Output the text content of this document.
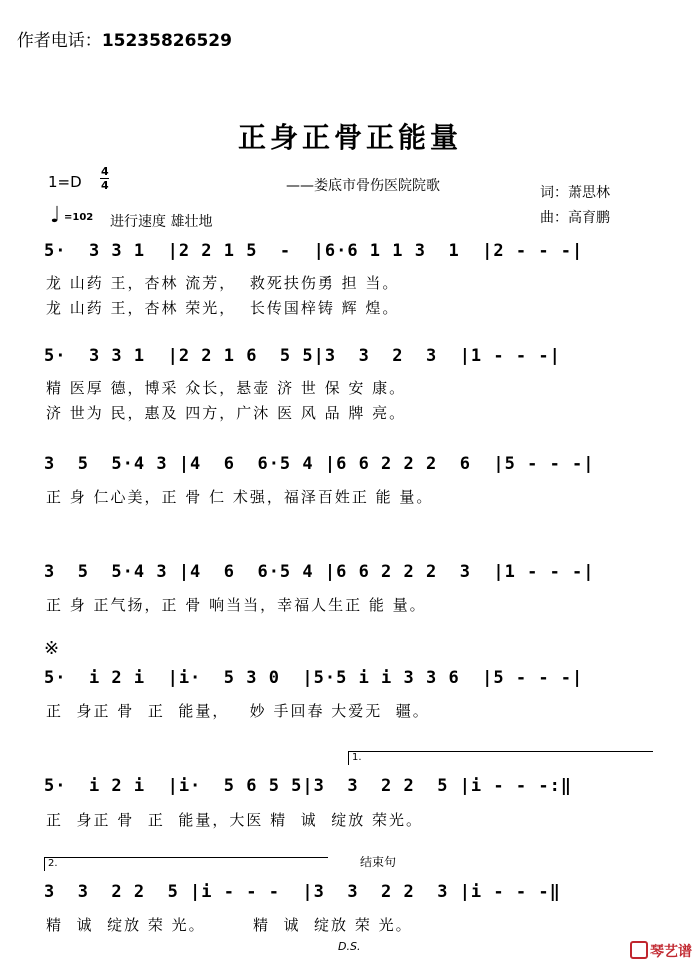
作者电话：15235826529

正身正骨正能量
1=D
4
4	——娄底市骨伤医院院歌	词：萧思林
曲：高育鹏
♩ =102 进行速度 雄壮地
5·  3 3 1  |2 2 1 5  -  |6·6 1 1 3  1  |2 - - -|
龙 山药 王，杏林 流芳，  救死扶伤勇 担 当。
龙 山药 王，杏林 荣光，  长传国梓铸 辉 煌。
5·  3 3 1  |2 2 1 6  5 5|3  3  2  3  |1 - - -|
精 医厚 德，博采 众长，悬壶 济 世 保 安 康。
济 世为 民，惠及 四方，广沐 医 风 品 牌 亮。
3  5  5·4 3 |4  6  6·5 4 |6 6 2 2 2  6  |5 - - -|
正 身 仁心美，正 骨 仁 术强，福泽百姓正 能 量。
3  5  5·4 3 |4  6  6·5 4 |6 6 2 2 2  3  |1 - - -|
正 身 正气扬，正 骨 响当当，幸福人生正 能 量。
※
5·  i 2 i  |i·  5 3 0  |5·5 i i 3 3 6  |5 - - -|
正  身正 骨  正  能量，   妙 手回春 大爱无  疆。
1.
5·  i 2 i  |i·  5 6 5 5|3  3  2 2  5 |i - - -:‖
正  身正 骨  正  能量，大医 精  诚  绽放 荣光。
2.	结束句
3  3  2 2  5 |i - - -  |3  3  2 2  3 |i - - -‖
精  诚  绽放 荣 光。       精  诚  绽放 荣 光。
D.S.	琴艺谱
